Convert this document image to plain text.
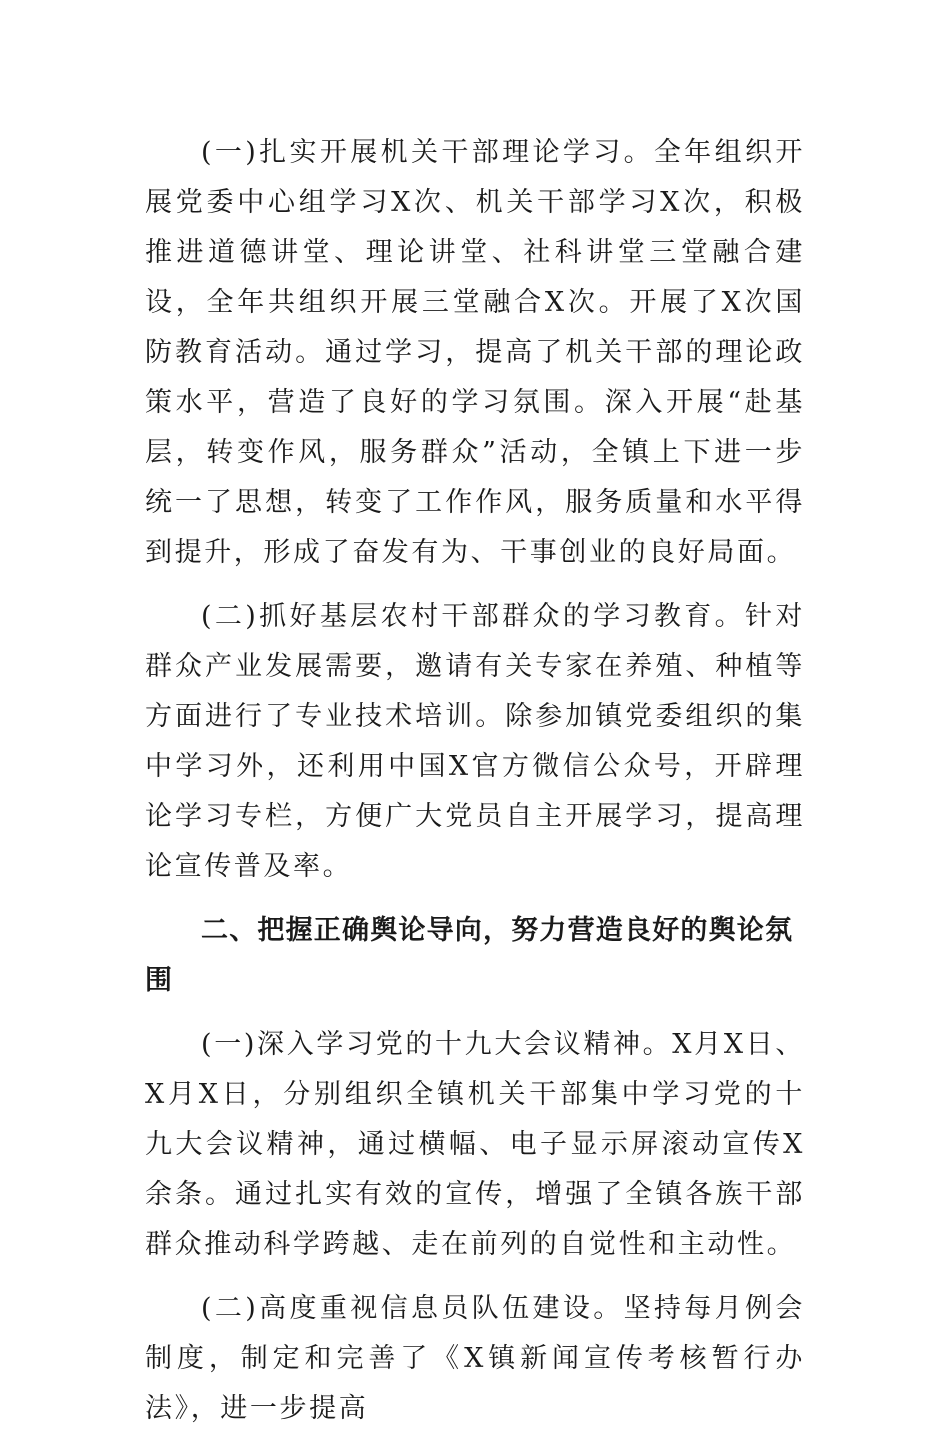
(一)扎实开展机关干部理论学习。全年组织开展党委中心组学习X次、机关干部学习X次，积极推进道德讲堂、理论讲堂、社科讲堂三堂融合建设，全年共组织开展三堂融合X次。开展了X次国防教育活动。通过学习，提高了机关干部的理论政策水平，营造了良好的学习氛围。深入开展“赴基层，转变作风，服务群众”活动，全镇上下进一步统一了思想，转变了工作作风，服务质量和水平得到提升，形成了奋发有为、干事创业的良好局面。

(二)抓好基层农村干部群众的学习教育。针对群众产业发展需要，邀请有关专家在养殖、种植等方面进行了专业技术培训。除参加镇党委组织的集中学习外，还利用中国X官方微信公众号，开辟理论学习专栏，方便广大党员自主开展学习，提高理论宣传普及率。

二、把握正确舆论导向，努力营造良好的舆论氛围

(一)深入学习党的十九大会议精神。X月X日、X月X日，分别组织全镇机关干部集中学习党的十九大会议精神，通过横幅、电子显示屏滚动宣传X余条。通过扎实有效的宣传，增强了全镇各族干部群众推动科学跨越、走在前列的自觉性和主动性。

(二)高度重视信息员队伍建设。坚持每月例会制度，制定和完善了《X镇新闻宣传考核暂行办法》，进一步提高
